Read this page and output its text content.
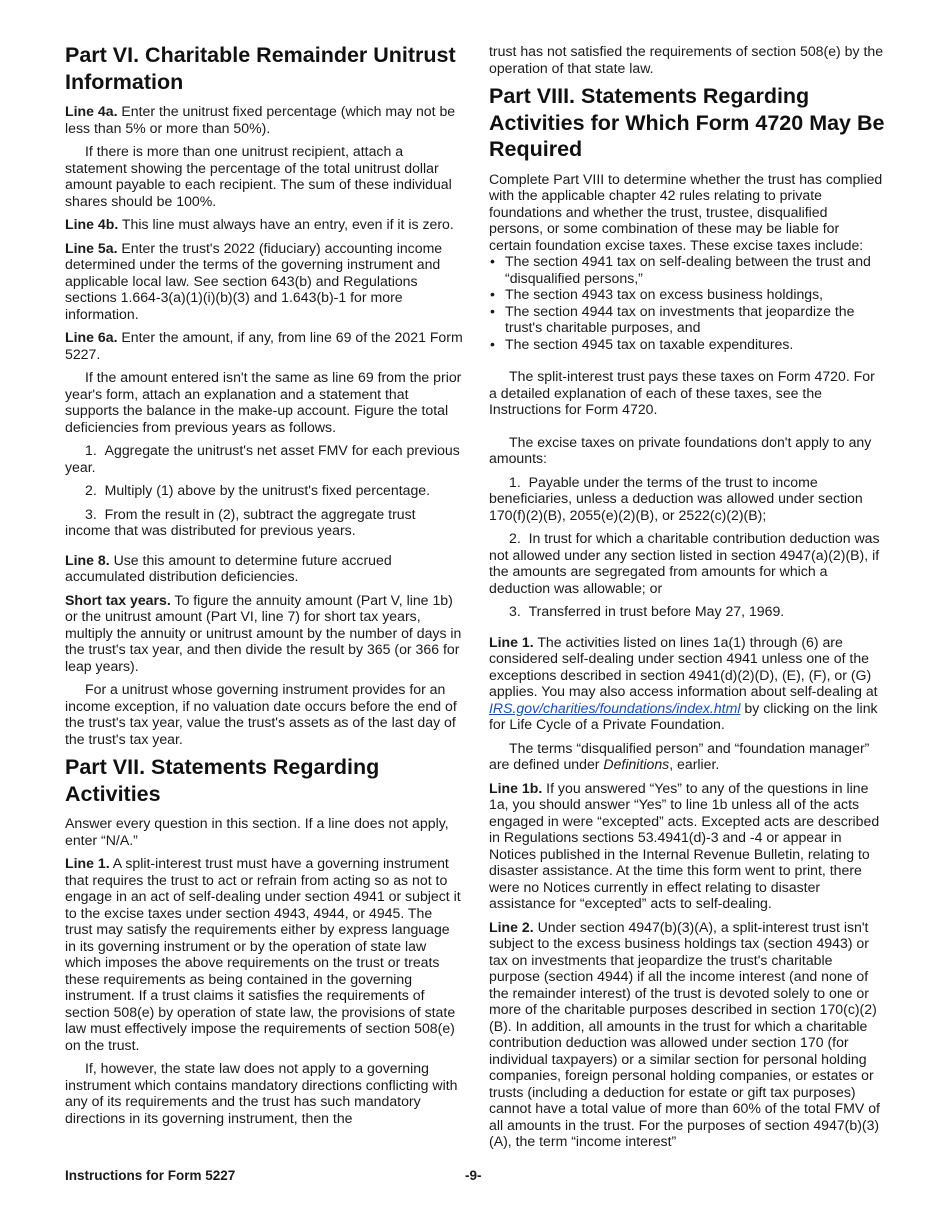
Part VI. Charitable Remainder Unitrust Information

Line 4a. Enter the unitrust fixed percentage (which may not be less than 5% or more than 50%).

If there is more than one unitrust recipient, attach a statement showing the percentage of the total unitrust dollar amount payable to each recipient. The sum of these individual shares should be 100%.

Line 4b. This line must always have an entry, even if it is zero.

Line 5a. Enter the trust's 2022 (fiduciary) accounting income determined under the terms of the governing instrument and applicable local law. See section 643(b) and Regulations sections 1.664-3(a)(1)(i)(b)(3) and 1.643(b)-1 for more information.

Line 6a. Enter the amount, if any, from line 69 of the 2021 Form 5227.

If the amount entered isn't the same as line 69 from the prior year's form, attach an explanation and a statement that supports the balance in the make-up account. Figure the total deficiencies from previous years as follows.

1.  Aggregate the unitrust's net asset FMV for each previous year.

2.  Multiply (1) above by the unitrust's fixed percentage.

3.  From the result in (2), subtract the aggregate trust income that was distributed for previous years.

Line 8. Use this amount to determine future accrued accumulated distribution deficiencies.

Short tax years. To figure the annuity amount (Part V, line 1b) or the unitrust amount (Part VI, line 7) for short tax years, multiply the annuity or unitrust amount by the number of days in the trust's tax year, and then divide the result by 365 (or 366 for leap years).

For a unitrust whose governing instrument provides for an income exception, if no valuation date occurs before the end of the trust's tax year, value the trust's assets as of the last day of the trust's tax year.

Part VII. Statements Regarding Activities

Answer every question in this section. If a line does not apply, enter “N/A.”

Line 1. A split-interest trust must have a governing instrument that requires the trust to act or refrain from acting so as not to engage in an act of self-dealing under section 4941 or subject it to the excise taxes under section 4943, 4944, or 4945. The trust may satisfy the requirements either by express language in its governing instrument or by the operation of state law which imposes the above requirements on the trust or treats these requirements as being contained in the governing instrument. If a trust claims it satisfies the requirements of section 508(e) by operation of state law, the provisions of state law must effectively impose the requirements of section 508(e) on the trust.

If, however, the state law does not apply to a governing instrument which contains mandatory directions conflicting with any of its requirements and the trust has such mandatory directions in its governing instrument, then the

trust has not satisfied the requirements of section 508(e) by the operation of that state law.

Part VIII. Statements Regarding Activities for Which Form 4720 May Be Required

Complete Part VIII to determine whether the trust has complied with the applicable chapter 42 rules relating to private foundations and whether the trust, trustee, disqualified persons, or some combination of these may be liable for certain foundation excise taxes. These excise taxes include:

• The section 4941 tax on self-dealing between the trust and “disqualified persons,”

• The section 4943 tax on excess business holdings,

• The section 4944 tax on investments that jeopardize the trust's charitable purposes, and

• The section 4945 tax on taxable expenditures.

The split-interest trust pays these taxes on Form 4720. For a detailed explanation of each of these taxes, see the Instructions for Form 4720.

The excise taxes on private foundations don't apply to any amounts:

1.  Payable under the terms of the trust to income beneficiaries, unless a deduction was allowed under section 170(f)(2)(B), 2055(e)(2)(B), or 2522(c)(2)(B);

2.  In trust for which a charitable contribution deduction was not allowed under any section listed in section 4947(a)(2)(B), if the amounts are segregated from amounts for which a deduction was allowable; or

3.  Transferred in trust before May 27, 1969.

Line 1. The activities listed on lines 1a(1) through (6) are considered self-dealing under section 4941 unless one of the exceptions described in section 4941(d)(2)(D), (E), (F), or (G) applies. You may also access information about self-dealing at IRS.gov/charities/foundations/index.html by clicking on the link for Life Cycle of a Private Foundation.

The terms “disqualified person” and “foundation manager” are defined under Definitions, earlier.

Line 1b. If you answered “Yes” to any of the questions in line 1a, you should answer “Yes” to line 1b unless all of the acts engaged in were “excepted” acts. Excepted acts are described in Regulations sections 53.4941(d)-3 and -4 or appear in Notices published in the Internal Revenue Bulletin, relating to disaster assistance. At the time this form went to print, there were no Notices currently in effect relating to disaster assistance for “excepted” acts to self-dealing.

Line 2. Under section 4947(b)(3)(A), a split-interest trust isn't subject to the excess business holdings tax (section 4943) or tax on investments that jeopardize the trust's charitable purpose (section 4944) if all the income interest (and none of the remainder interest) of the trust is devoted solely to one or more of the charitable purposes described in section 170(c)(2)(B). In addition, all amounts in the trust for which a charitable contribution deduction was allowed under section 170 (for individual taxpayers) or a similar section for personal holding companies, foreign personal holding companies, or estates or trusts (including a deduction for estate or gift tax purposes) cannot have a total value of more than 60% of the total FMV of all amounts in the trust. For the purposes of section 4947(b)(3)(A), the term “income interest”

Instructions for Form 5227	-9-
